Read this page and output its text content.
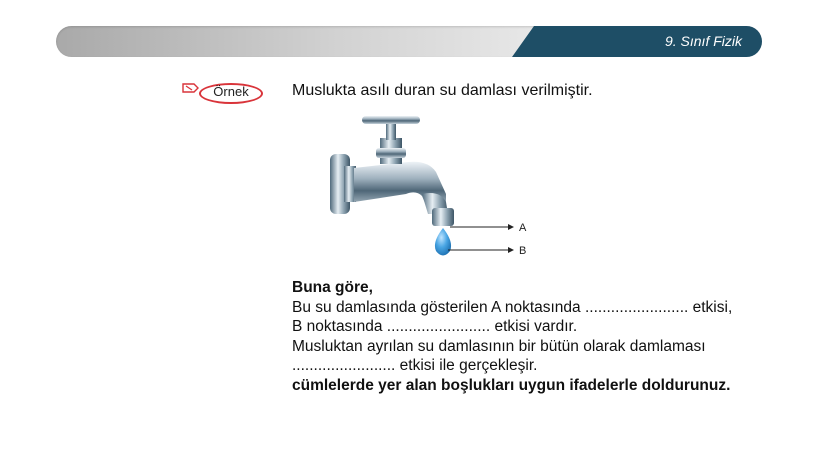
9. Sınıf Fizik
Örnek	Muslukta asılı duran su damlası verilmiştir.
A
B
Buna göre,
Bu su damlasında gösterilen A noktasında ........................ etkisi,
B noktasında ........................ etkisi vardır.
Musluktan ayrılan su damlasının bir bütün olarak damlaması
........................ etkisi ile gerçekleşir.
cümlelerde yer alan boşlukları uygun ifadelerle doldurunuz.
